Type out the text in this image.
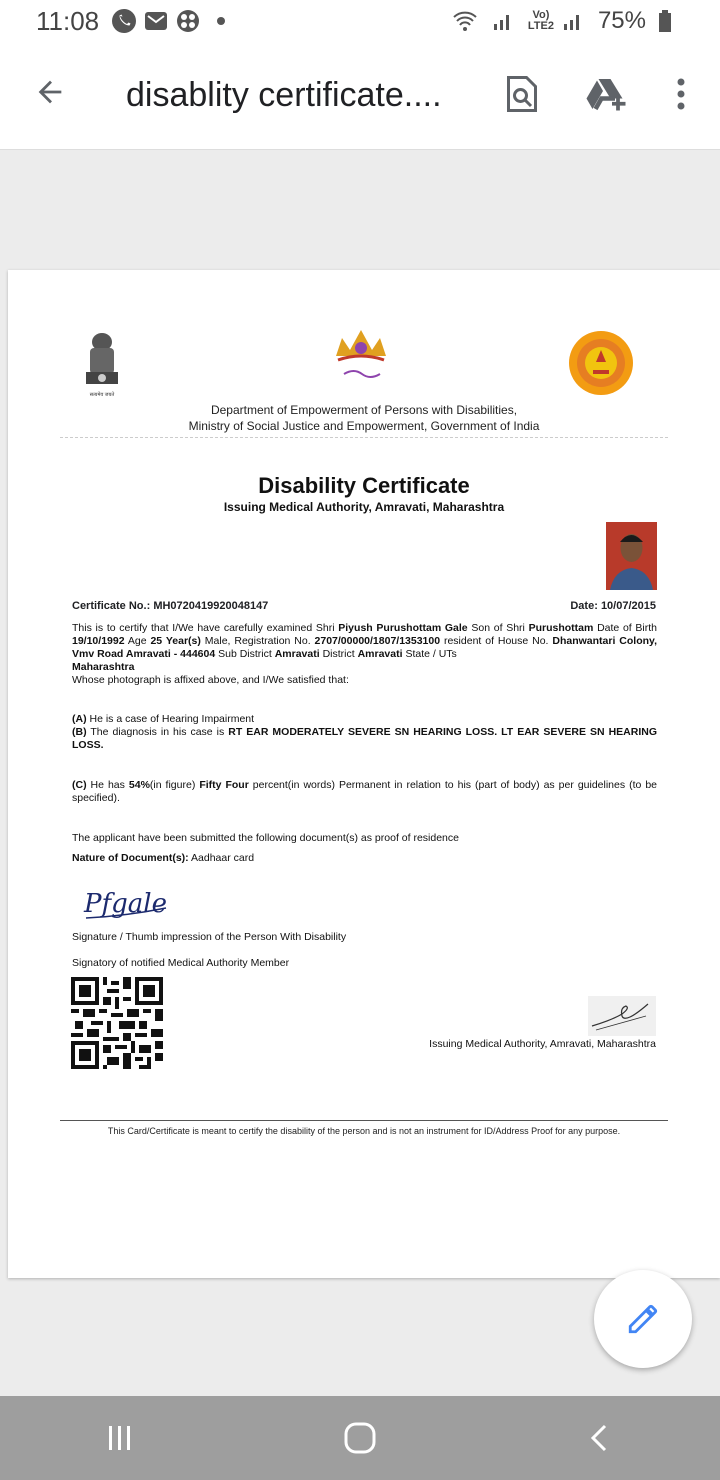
11:08	Vo)
LTE2 75%
disablity certificate....
सत्यमेव जयते
Department of Empowerment of Persons with Disabilities,
Ministry of Social Justice and Empowerment, Government of India
Disability Certificate
Issuing Medical Authority, Amravati, Maharashtra
Certificate No.: MH0720419920048147	Date: 10/07/2015
This is to certify that I/We have carefully examined Shri Piyush Purushottam Gale Son of Shri Purushottam Date of Birth 19/10/1992 Age 25 Year(s) Male, Registration No. 2707/00000/1807/1353100 resident of House No. Dhanwantari Colony, Vmv Road Amravati - 444604 Sub District Amravati District Amravati State / UTs
Maharashtra
Whose photograph is affixed above, and I/We satisfied that:
(A) He is a case of Hearing Impairment
(B) The diagnosis in his case is RT EAR MODERATELY SEVERE SN HEARING LOSS. LT EAR SEVERE SN HEARING LOSS.
(C) He has 54%(in figure) Fifty Four percent(in words) Permanent in relation to his (part of body) as per guidelines (to be specified).
The applicant have been submitted the following document(s) as proof of residence
Nature of Document(s): Aadhaar card
Pfgale
Signature / Thumb impression of the Person With Disability
Signatory of notified Medical Authority Member
Issuing Medical Authority, Amravati, Maharashtra
This Card/Certificate is meant to certify the disability of the person and is not an instrument for ID/Address Proof for any purpose.
